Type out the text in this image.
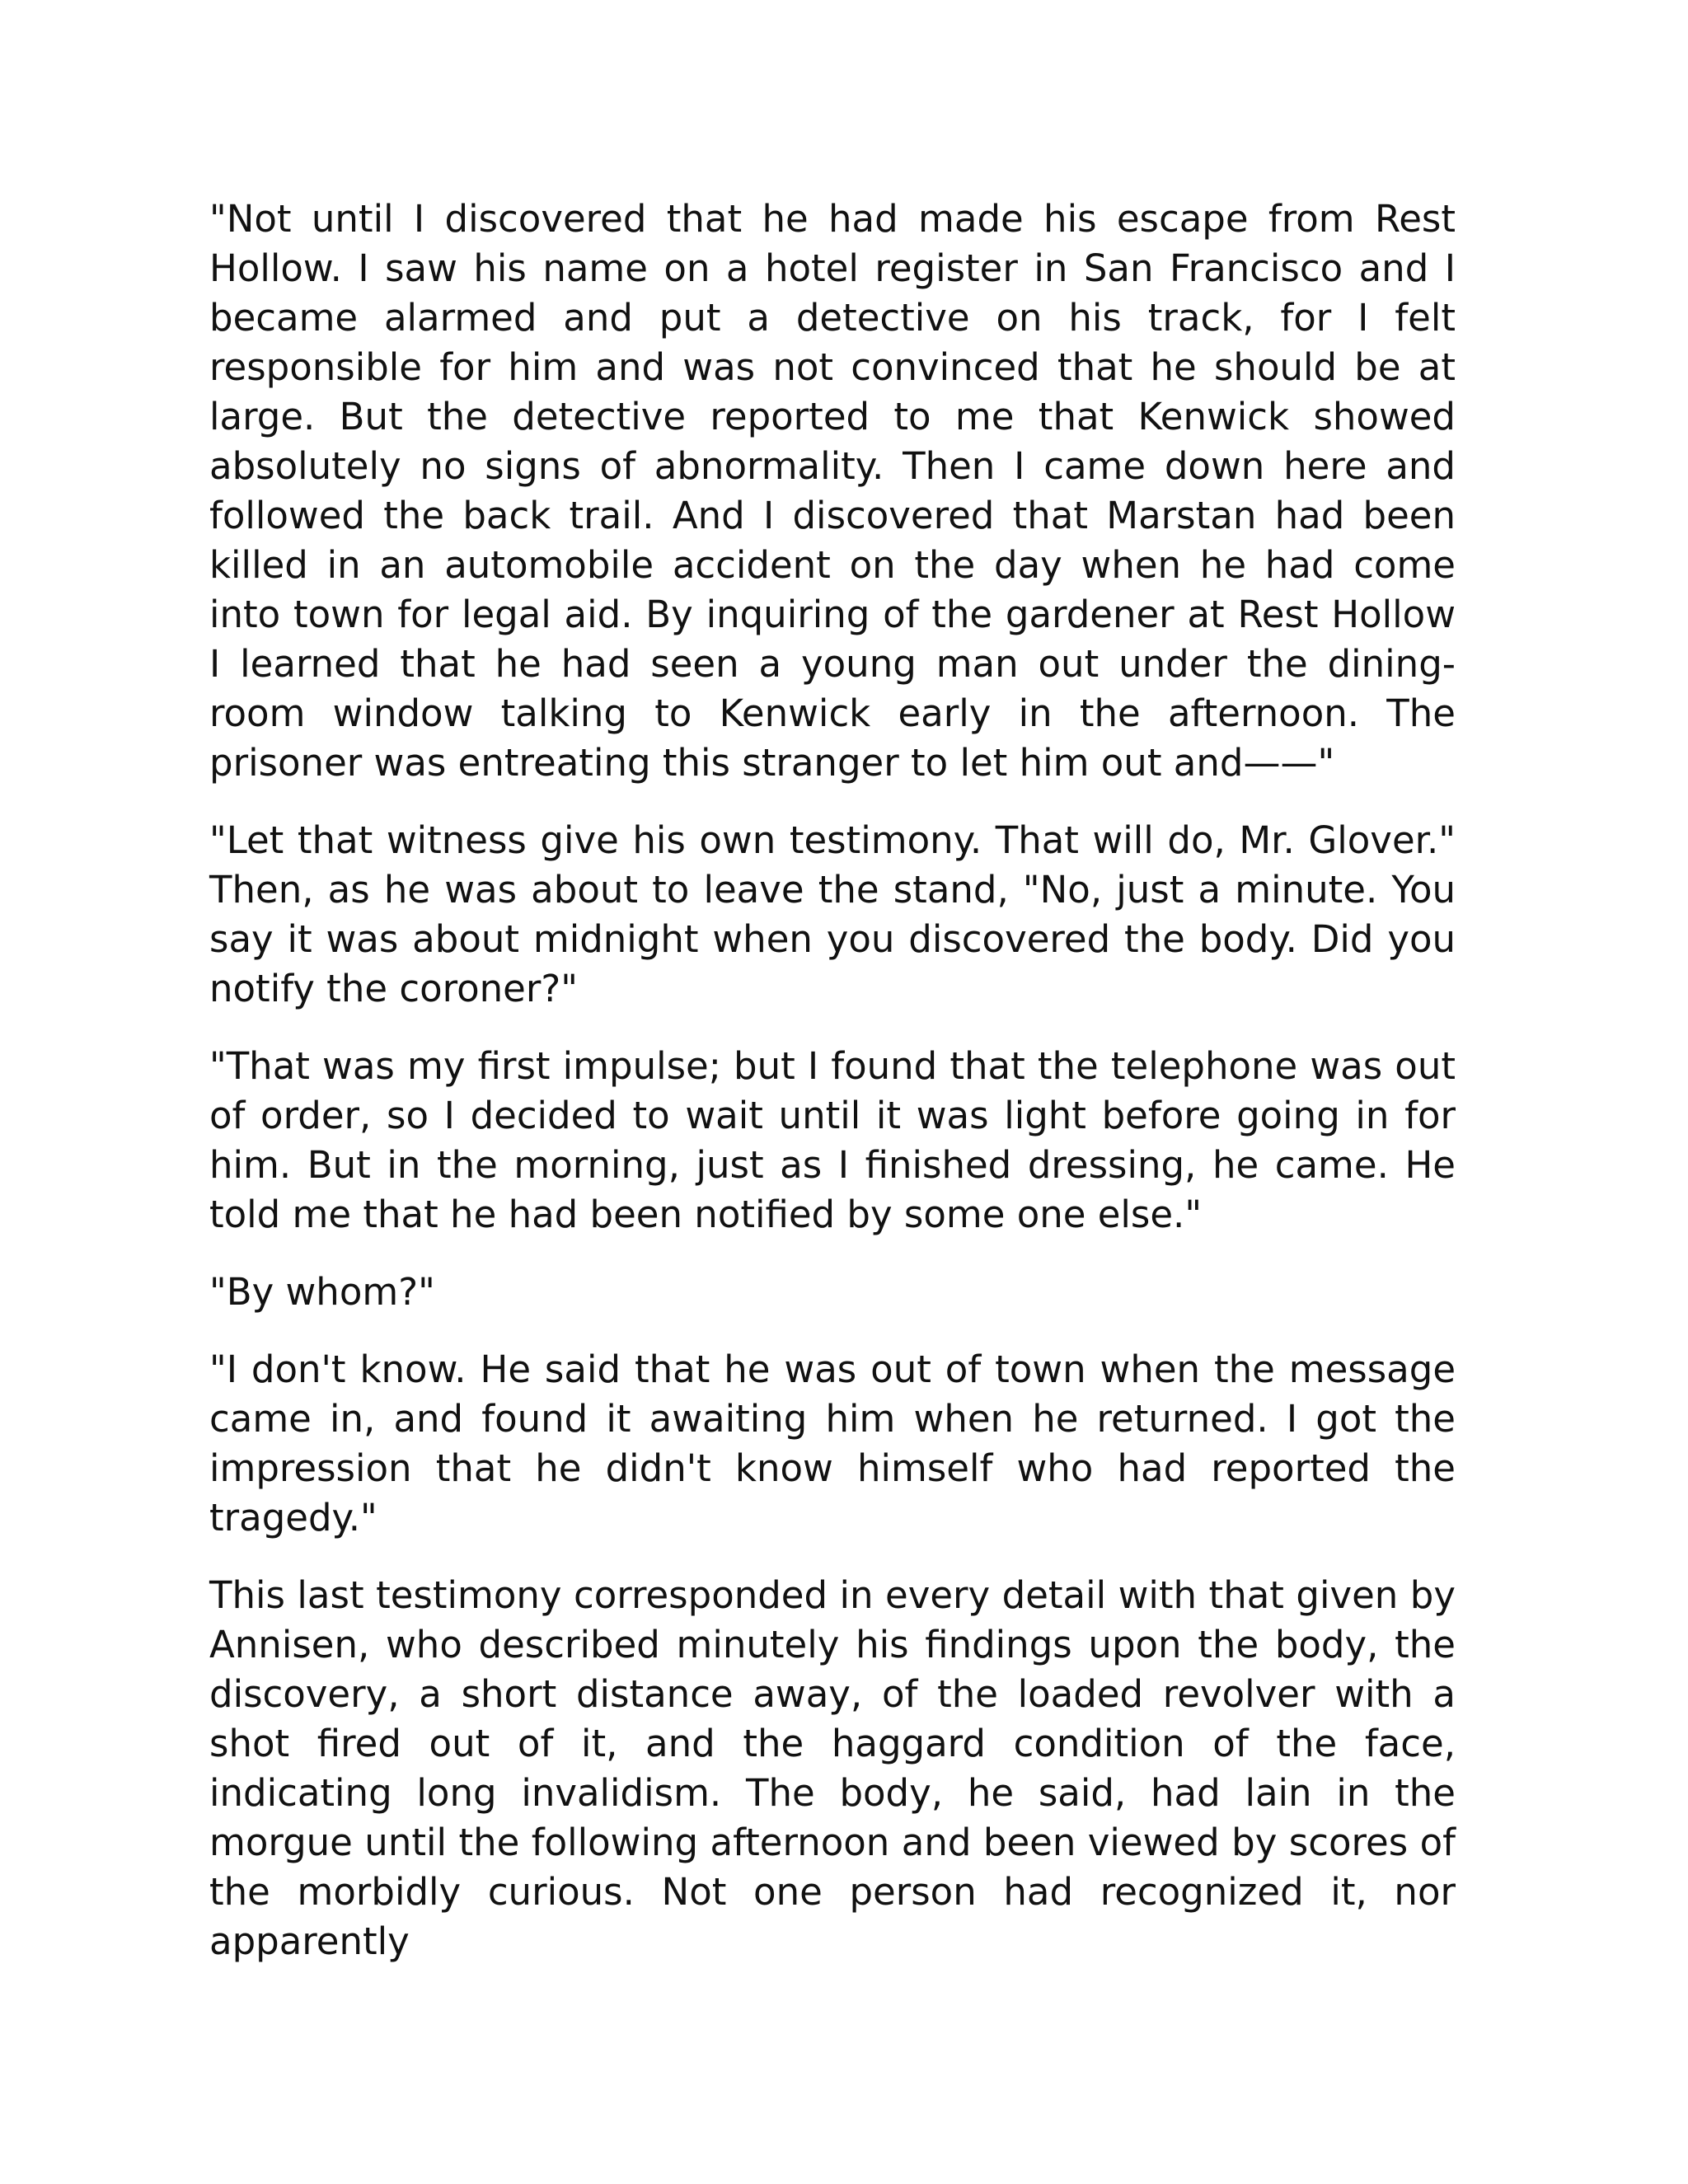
"Not until I discovered that he had made his escape from Rest Hollow. I saw his name on a hotel register in San Francisco and I became alarmed and put a detective on his track, for I felt responsible for him and was not convinced that he should be at large. But the detective reported to me that Kenwick showed absolutely no signs of abnormality. Then I came down here and followed the back trail. And I discovered that Marstan had been killed in an automobile accident on the day when he had come into town for legal aid. By inquiring of the gardener at Rest Hollow I learned that he had seen a young man out under the dining-room window talking to Kenwick early in the afternoon. The prisoner was entreating this stranger to let him out and——"

"Let that witness give his own testimony. That will do, Mr. Glover." Then, as he was about to leave the stand, "No, just a minute. You say it was about midnight when you discovered the body. Did you notify the coroner?"

"That was my first impulse; but I found that the telephone was out of order, so I decided to wait until it was light before going in for him. But in the morning, just as I finished dressing, he came. He told me that he had been notified by some one else."

"By whom?"

"I don't know. He said that he was out of town when the message came in, and found it awaiting him when he returned. I got the impression that he didn't know himself who had reported the tragedy."

This last testimony corresponded in every detail with that given by Annisen, who described minutely his findings upon the body, the discovery, a short distance away, of the loaded revolver with a shot fired out of it, and the haggard condition of the face, indicating long invalidism. The body, he said, had lain in the morgue until the following afternoon and been viewed by scores of the morbidly curious. Not one person had recognized it, nor apparently
